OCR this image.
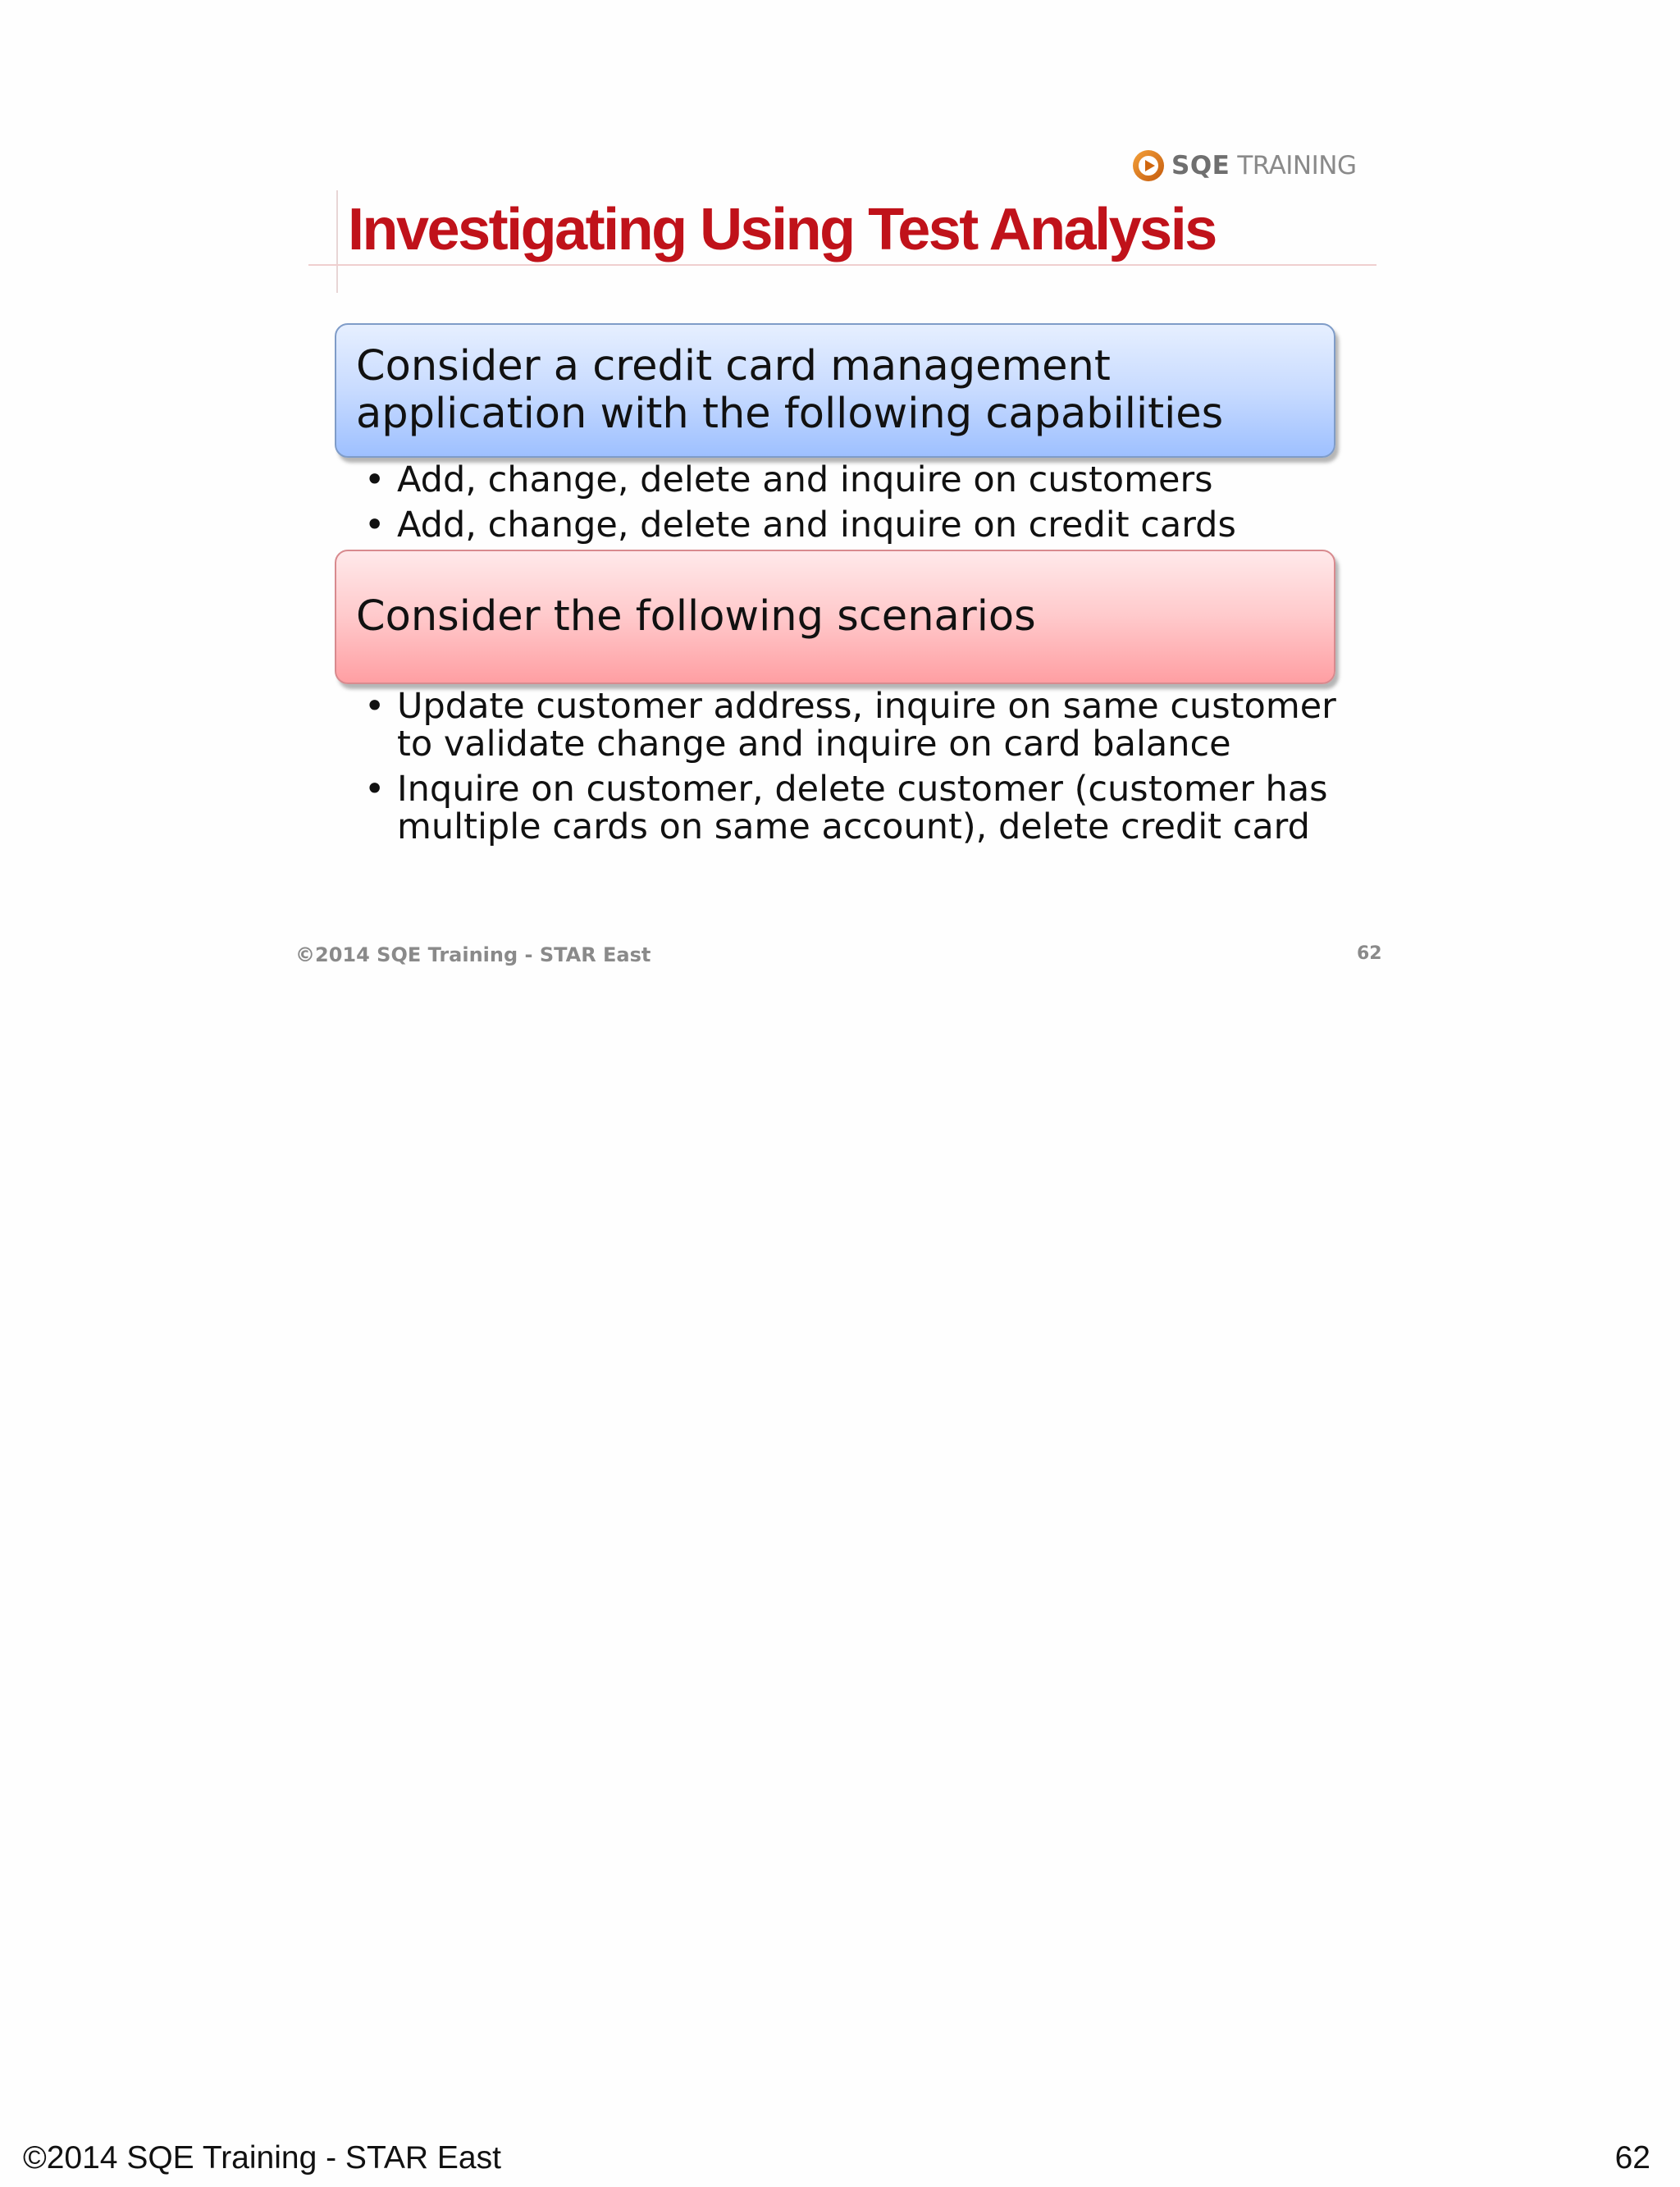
SQE TRAINING
Investigating Using Test Analysis
Consider a credit card management
application with the following capabilities
• Add, change, delete and inquire on customers
• Add, change, delete and inquire on credit cards
Consider the following scenarios
• Update customer address, inquire on same customer
to validate change and inquire on card balance
• Inquire on customer, delete customer (customer has
multiple cards on same account), delete credit card
©2014 SQE Training - STAR East	62
©2014 SQE Training - STAR East	62
